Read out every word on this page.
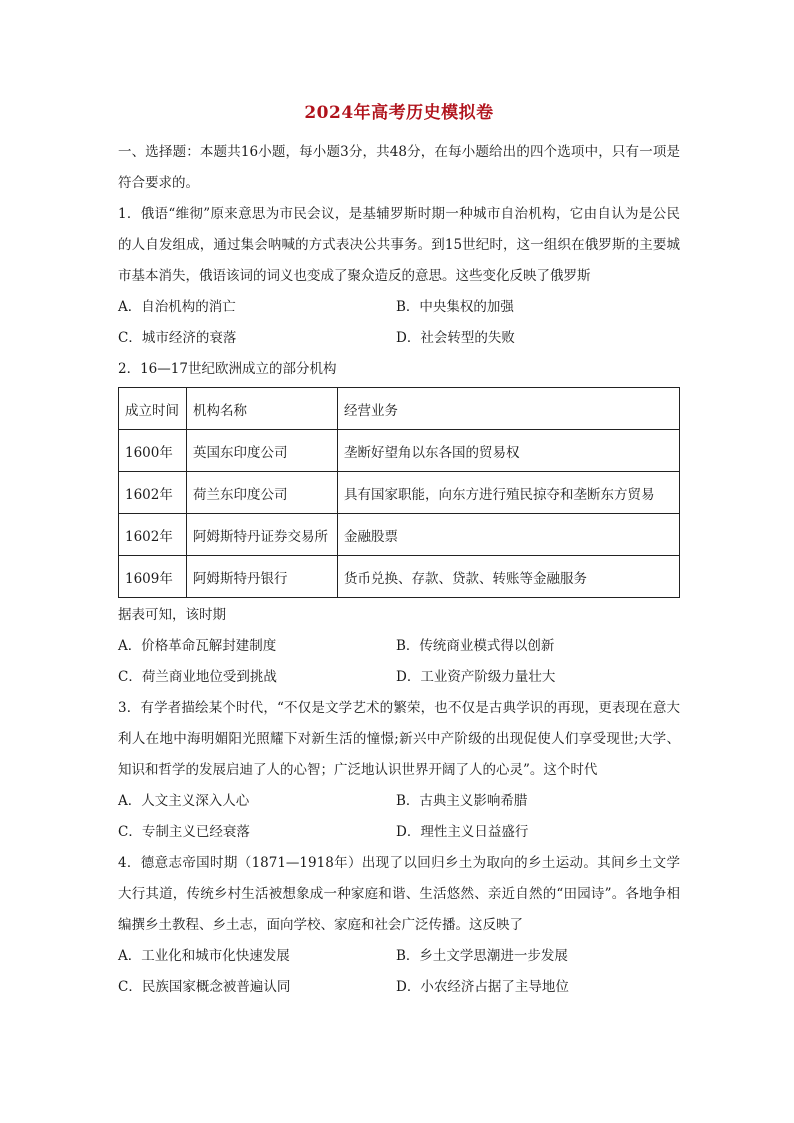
2024年高考历史模拟卷

一、选择题：本题共16小题，每小题3分，共48分，在每小题给出的四个选项中，只有一项是符合要求的。

1．俄语“维彻”原来意思为市民会议，是基辅罗斯时期一种城市自治机构，它由自认为是公民的人自发组成，通过集会呐喊的方式表决公共事务。到15世纪时，这一组织在俄罗斯的主要城市基本消失，俄语该词的词义也变成了聚众造反的意思。这些变化反映了俄罗斯

A．自治机构的消亡	B．中央集权的加强
C．城市经济的衰落	D．社会转型的失败

2．16—17世纪欧洲成立的部分机构

成立时间	机构名称	经营业务
1600年	英国东印度公司	垄断好望角以东各国的贸易权
1602年	荷兰东印度公司	具有国家职能，向东方进行殖民掠夺和垄断东方贸易
1602年	阿姆斯特丹证券交易所	金融股票
1609年	阿姆斯特丹银行	货币兑换、存款、贷款、转账等金融服务

据表可知，该时期

A．价格革命瓦解封建制度	B．传统商业模式得以创新
C．荷兰商业地位受到挑战	D．工业资产阶级力量壮大

3．有学者描绘某个时代，“不仅是文学艺术的繁荣，也不仅是古典学识的再现，更表现在意大利人在地中海明媚阳光照耀下对新生活的憧憬;新兴中产阶级的出现促使人们享受现世;大学、知识和哲学的发展启迪了人的心智；广泛地认识世界开阔了人的心灵”。这个时代

A．人文主义深入人心	B．古典主义影响希腊
C．专制主义已经衰落	D．理性主义日益盛行

4．德意志帝国时期（1871—1918年）出现了以回归乡土为取向的乡土运动。其间乡土文学大行其道，传统乡村生活被想象成一种家庭和谐、生活悠然、亲近自然的“田园诗”。各地争相编撰乡土教程、乡土志，面向学校、家庭和社会广泛传播。这反映了

A．工业化和城市化快速发展	B．乡土文学思潮进一步发展
C．民族国家概念被普遍认同	D．小农经济占据了主导地位
